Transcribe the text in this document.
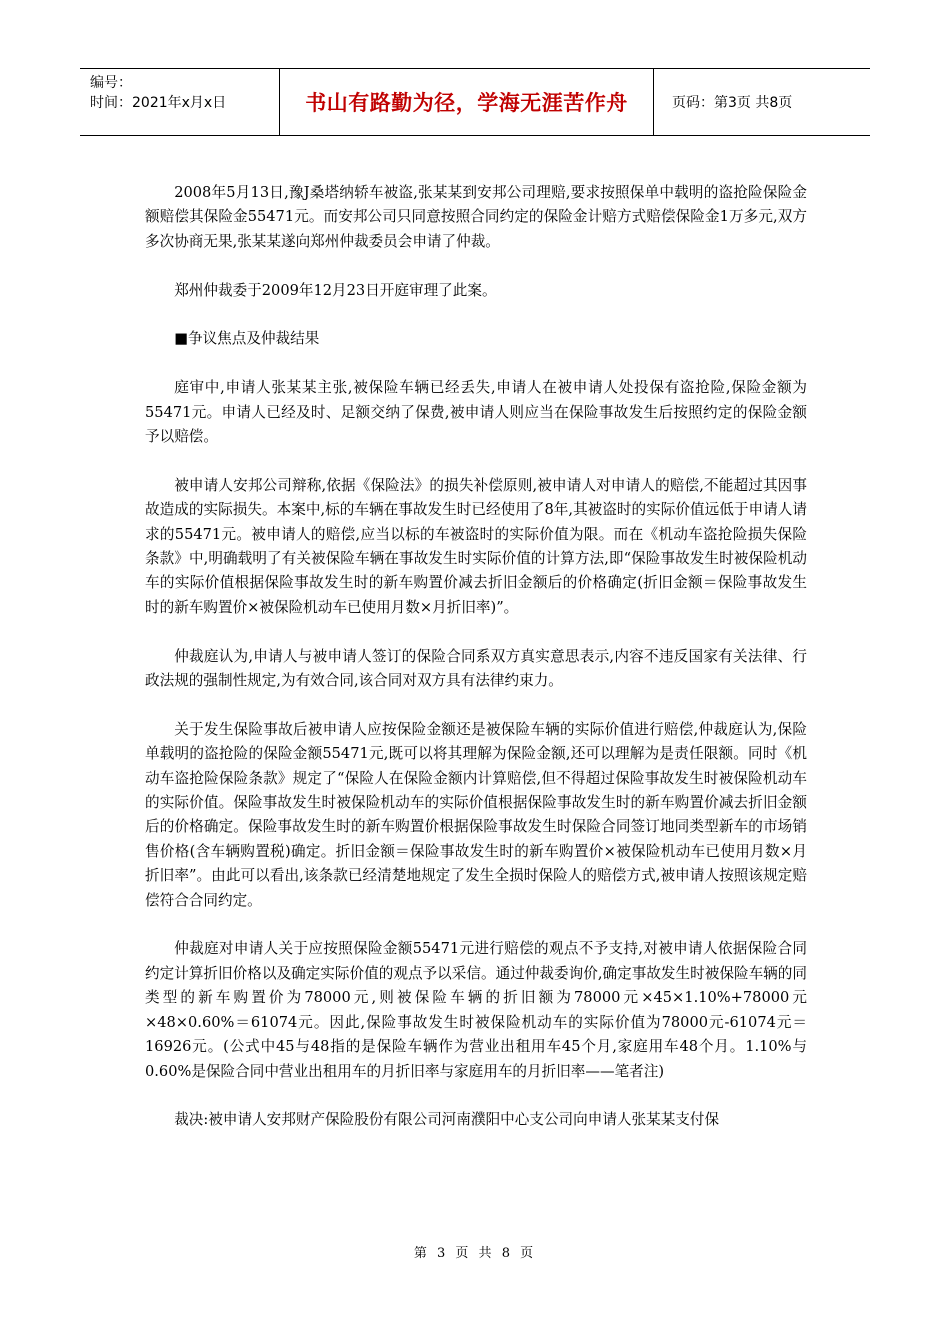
编号：
时间：2021年x月x日	书山有路勤为径，学海无涯苦作舟	页码：第3页 共8页

2008年5月13日,豫J桑塔纳轿车被盗,张某某到安邦公司理赔,要求按照保单中载明的盗抢险保险金额赔偿其保险金55471元。而安邦公司只同意按照合同约定的保险金计赔方式赔偿保险金1万多元,双方多次协商无果,张某某遂向郑州仲裁委员会申请了仲裁。

郑州仲裁委于2009年12月23日开庭审理了此案。

■争议焦点及仲裁结果

庭审中,申请人张某某主张,被保险车辆已经丢失,申请人在被申请人处投保有盗抢险,保险金额为55471元。申请人已经及时、足额交纳了保费,被申请人则应当在保险事故发生后按照约定的保险金额予以赔偿。

被申请人安邦公司辩称,依据《保险法》的损失补偿原则,被申请人对申请人的赔偿,不能超过其因事故造成的实际损失。本案中,标的车辆在事故发生时已经使用了8年,其被盗时的实际价值远低于申请人请求的55471元。被申请人的赔偿,应当以标的车被盗时的实际价值为限。而在《机动车盗抢险损失保险条款》中,明确载明了有关被保险车辆在事故发生时实际价值的计算方法,即“保险事故发生时被保险机动车的实际价值根据保险事故发生时的新车购置价减去折旧金额后的价格确定(折旧金额＝保险事故发生时的新车购置价×被保险机动车已使用月数×月折旧率)”。

仲裁庭认为,申请人与被申请人签订的保险合同系双方真实意思表示,内容不违反国家有关法律、行政法规的强制性规定,为有效合同,该合同对双方具有法律约束力。

关于发生保险事故后被申请人应按保险金额还是被保险车辆的实际价值进行赔偿,仲裁庭认为,保险单载明的盗抢险的保险金额55471元,既可以将其理解为保险金额,还可以理解为是责任限额。同时《机动车盗抢险保险条款》规定了“保险人在保险金额内计算赔偿,但不得超过保险事故发生时被保险机动车的实际价值。保险事故发生时被保险机动车的实际价值根据保险事故发生时的新车购置价减去折旧金额后的价格确定。保险事故发生时的新车购置价根据保险事故发生时保险合同签订地同类型新车的市场销售价格(含车辆购置税)确定。折旧金额＝保险事故发生时的新车购置价×被保险机动车已使用月数×月折旧率”。由此可以看出,该条款已经清楚地规定了发生全损时保险人的赔偿方式,被申请人按照该规定赔偿符合合同约定。

仲裁庭对申请人关于应按照保险金额55471元进行赔偿的观点不予支持,对被申请人依据保险合同约定计算折旧价格以及确定实际价值的观点予以采信。通过仲裁委询价,确定事故发生时被保险车辆的同类型的新车购置价为78000元,则被保险车辆的折旧额为78000元×45×1.10%+78000元×48×0.60%＝61074元。因此,保险事故发生时被保险机动车的实际价值为78000元-61074元＝16926元。(公式中45与48指的是保险车辆作为营业出租用车45个月,家庭用车48个月。1.10%与0.60%是保险合同中营业出租用车的月折旧率与家庭用车的月折旧率——笔者注)

裁决:被申请人安邦财产保险股份有限公司河南濮阳中心支公司向申请人张某某支付保

第 3 页 共 8 页
